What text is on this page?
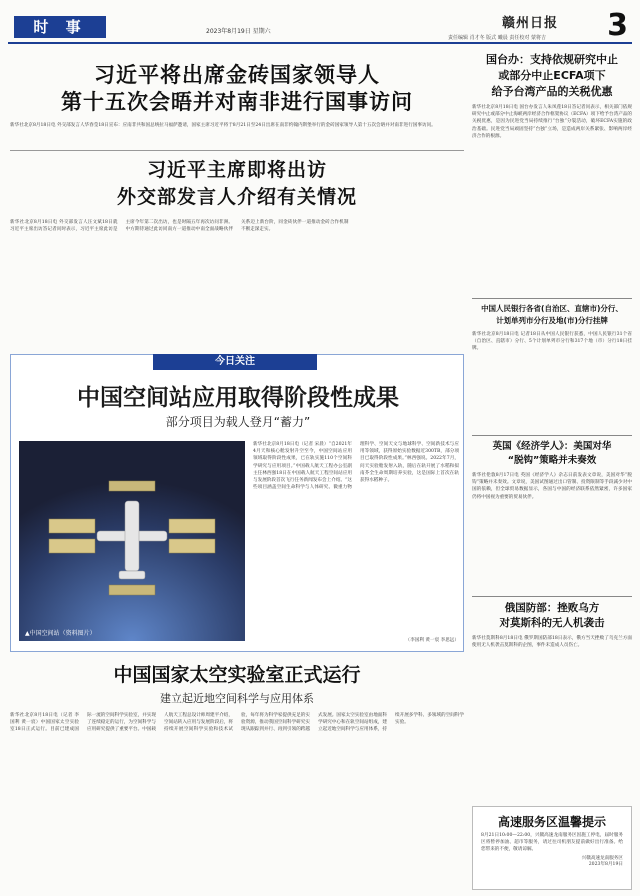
时 事	2023年8月19日 星期六
赣州日报
责任编辑 肖才冬 版式 曦晨 责任校对 蒙将吉 3
习近平将出席金砖国家领导人
第十五次会晤并对南非进行国事访问
新华社北京8月18日电 外交部发言人华春莹18日宣布：应南非共和国总统拉马福萨邀请，国家主席习近平将于8月21日至24日出席在南非约翰内斯堡举行的金砖国家领导人第十五次会晤并对南非进行国事访问。
习近平主席即将出访
外交部发言人介绍有关情况
新华社北京8月18日电 外交部发言人汪文斌18日就习近平主席出访答记者问时表示，习近平主席此访是主席今年第二次出访，也是时隔五年再次访问非洲。中方期待通过此访同南方一道推动中南全面战略伙伴关系迈上新台阶，同金砖伙伴一道推动金砖合作机制不断走深走实。
今日关注
中国空间站应用取得阶段性成果
部分项目为载人登月“蓄力”
▲中国空间站（资料图片）
新华社北京8月18日电（记者 宋晨）“自2021年4月天和核心舱发射升空至今，中国空间站应用领域取得阶段性成果，已在轨实施110个空间科学研究与应用项目。”中国载人航天工程办公室副主任林西强18日在中国载人航天工程空间站应用与发展阶段首次飞行任务新闻发布会上介绍。“这些项目涵盖空间生命科学与人体研究、微重力物理科学、空间天文与地球科学、空间新技术与应用等领域，获得原始实验数据近300TB，部分项目已取得阶段性成果。”林西强说。2022年7月，问天实验舱发射入轨，随后在轨开展了水稻和拟南芥全生命周期培养实验，这是国际上首次在轨获得水稻种子。
（李国利 黄一宸 李思远）
中国国家太空实验室正式运行
建立起近地空间科学与应用体系
新华社北京8月18日电（记者 李国利 黄一宸）中国国家太空实验室18日正式运行。目前已建成国际一流的空间科学实验室，并实现了连续稳定的运行，为空间科学与应用研究提供了重要平台。中国载人航天工程总设计师周建平介绍，空间站转入应用与发展阶段后，将持续开展空间科学实验和技术试验，每年将为科学家提供充足的实验资源，推动我国空间科学研究实现从跟踪到并行、再到引领的跨越式发展。国家太空实验室由地面科学研究中心和在轨空间站组成，建立起近地空间科学与应用体系，持续开展多学科、多领域的空间科学实验。
国台办：支持依规研究中止
或部分中止ECFA项下
给予台湾产品的关税优惠
新华社北京8月18日电 国台办发言人朱凤莲18日答记者问表示，相关部门依规研究中止或部分中止海峡两岸经济合作框架协议（ECFA）项下给予台湾产品的关税优惠，是因为民进党当局持续推行“台独”分裂活动，破坏ECFA实施的政治基础。民进党当局顽固坚持“台独”立场，是造成两岸关系紧张、影响两岸经济合作的根源。
中国人民银行各省(自治区、直辖市)分行、
计划单列市分行及地(市)分行挂牌
新华社北京8月18日电 记者18日从中国人民银行获悉，中国人民银行31个省（自治区、直辖市）分行、5个计划单列市分行和317个地（市）分行18日挂牌。
英国《经济学人》：美国对华
“脱钩”策略并未奏效
新华社伦敦8月17日电 英国《经济学人》杂志日前发表文章说，美国对华“脱钩”策略并未奏效。文章说，美国试图通过出口管制、投资限制等手段减少对中国的依赖，但全球贸易数据显示，各国与中国的经济联系依然紧密，许多国家仍将中国视为重要的贸易伙伴。
俄国防部：挫败乌方
对莫斯科的无人机袭击
新华社莫斯科8月18日电 俄罗斯国防部18日表示，俄方当天挫败了乌克兰方面使用无人机袭击莫斯科的企图，事件未造成人员伤亡。
高速服务区温馨提示
8月21日10:00—22:00，兴赣高速龙南服务区因施工停电，届时服务区将暂停加油、超市等服务，请过往司机朋友提前做好出行准备。给您带来的不便，敬请谅解。
兴赣高速龙南服务区
2023年8月19日
